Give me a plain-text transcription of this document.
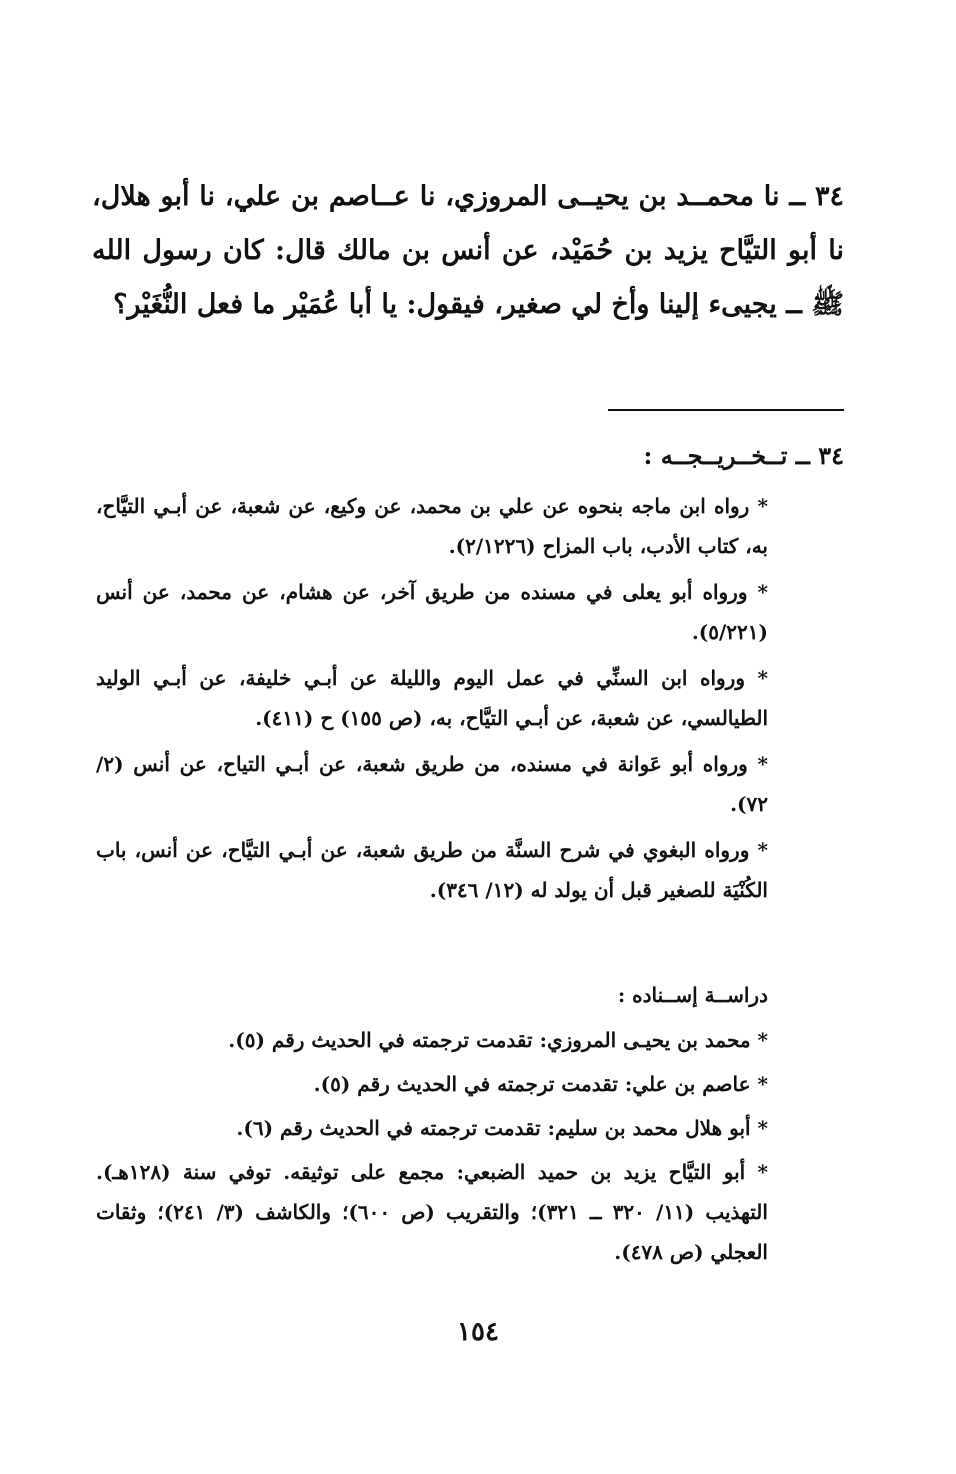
٣٤ ــ نا محمــد بن يحيــى المروزي، نا عــاصم بن علي، نا أبو هلال، نا أبو التيَّاح يزيد بن حُمَيْد، عن أنس بن مالك قال: كان رسول الله ﷺ ــ يجيىء إلينا وأخ لي صغير، فيقول: يا أبا عُمَيْر ما فعل النُّغَيْر؟
٣٤ ــ تــخــريــجــه :

* رواه ابن ماجه بنحوه عن علي بن محمد، عن وكيع، عن شعبة، عن أبـي التيَّاح، به، كتاب الأدب، باب المزاح (٢/١٢٢٦).

* ورواه أبو يعلى في مسنده من طريق آخر، عن هشام، عن محمد، عن أنس (٥/٢٢١).

* ورواه ابن السنِّي في عمل اليوم والليلة عن أبـي خليفة، عن أبـي الوليد الطيالسي، عن شعبة، عن أبـي التيَّاح، به، (ص ١٥٥) ح (٤١١).

* ورواه أبو عَوانة في مسنده، من طريق شعبة، عن أبـي التياح، عن أنس (٢/ ٧٢).

* ورواه البغوي في شرح السنَّة من طريق شعبة، عن أبـي التيَّاح، عن أنس، باب الكُنْيَة للصغير قبل أن يولد له (١٢/ ٣٤٦).

دراســة إســناده :

* محمد بن يحيـى المروزي: تقدمت ترجمته في الحديث رقم (٥).

* عاصم بن علي: تقدمت ترجمته في الحديث رقم (٥).

* أبو هلال محمد بن سليم: تقدمت ترجمته في الحديث رقم (٦).

* أبو التيَّاح يزيد بن حميد الضبعي: مجمع على توثيقه. توفي سنة (١٢٨هـ). التهذيب (١١/ ٣٢٠ ــ ٣٢١)؛ والتقريب (ص ٦٠٠)؛ والكاشف (٣/ ٢٤١)؛ وثقات العجلي (ص ٤٧٨).

١٥٤
